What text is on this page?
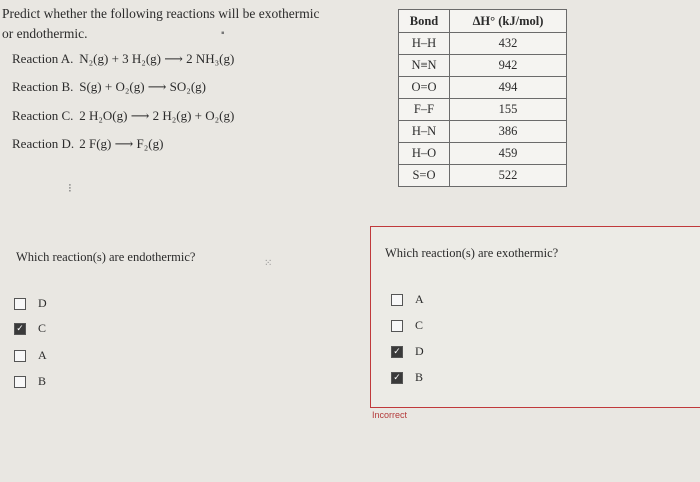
Predict whether the following reactions will be exothermic
or endothermic.	▪
Reaction A. N₂(g) + 3 H₂(g) ⟶ 2 NH₃(g)
Reaction B. S(g) + O₂(g) ⟶ SO₂(g)
Reaction C. 2 H₂O(g) ⟶ 2 H₂(g) + O₂(g)
Reaction D. 2 F(g) ⟶ F₂(g)
⁝
Bond	ΔH° (kJ/mol)
H–H	432
N≡N	942
O=O	494
F–F	155
H–N	386
H–O	459
S=O	522
Which reaction(s) are endothermic?	⁙
D
✓ C
A
B
Which reaction(s) are exothermic?
A
C
✓ D
✓ B
Incorrect
